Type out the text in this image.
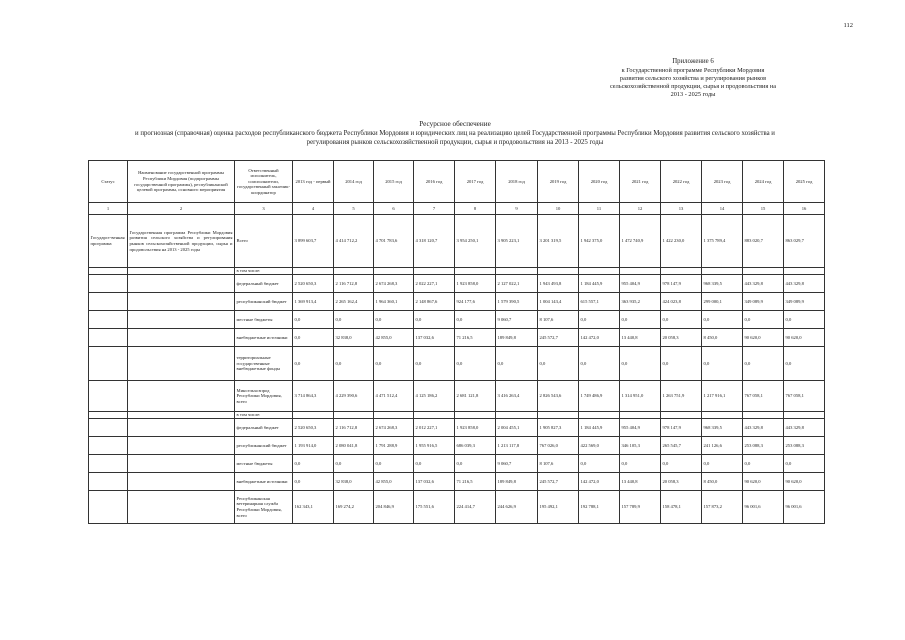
112
Приложение 6
к Государственной программе Республики Мордовия
развития сельского хозяйства и регулирования рынков
сельскохозяйственной продукции, сырья и продовольствия на
2013 - 2025 годы
Ресурсное обеспечение
и прогнозная (справочная) оценка расходов республиканского бюджета Республики Мордовия и юридических лиц на реализацию целей Государственной программы Республики Мордовия развития сельского хозяйства и
регулирования рынков сельскохозяйственной продукции, сырья и продовольствия на 2013 - 2025 годы
Статус	Наименование государственной программы Республики Мордовия (подпрограммы государственной программы), республиканской целевой программы, основного мероприятия	Ответственный исполнитель, соисполнители, государственный заказчик-координатор	2013 год - первый	2014 год	2015 год	2016 год	2017 год	2018 год	2019 год	2020 год	2021 год	2022 год	2023 год	2024 год	2025 год
1	2	3	4	5	6	7	8	9	10	11	12	13	14	15	16
Государст-венная программа	Государственная программа Республики Мордовия развития сельского хозяйства и регулирования рынков сельскохозяйственной продукции, сырья и продовольствия на 2013 - 2025 годы	Всего	3 899 603,7	4 414 712,2	4 701 783,6	4 318 120,7	3 954 250,1	3 905 223,1	3 201 319,5	1 942 375,0	1 472 740,9	1 422 230,0	1 375 789,4	883 020,7	863 029,7
		в том числе:													
		федеральный бюджет	2 520 650,3	2 116 712,8	2 674 268,3	2 022 227,1	1 923 858,0	2 127 022,1	1 943 493,8	1 184 445,9	955 404,9	978 147,9	968 339,5	443 329,8	443 329,8
		республиканский бюджет	1 369 913,4	2 265 162,4	1 964 360,1	2 148 867,6	924 177,6	1 579 390,5	1 004 143,4	615 557,1	363 935,2	424 023,8	299 000,1	349 089,9	349 089,9
		местные бюджеты	0,0	0,0	0,0	0,0	0,0	9 060,7	8 107,6	0,0	0,0	0,0	0,0	0,0	0,0
		внебюджетные источники	0,0	32 838,0	42 855,0	137 032,6	71 216,5	189 849,8	245 572,7	142 472,0	13 440,8	20 058,3	8 450,0	90 620,0	90 620,0
		территориальные государственные внебюджетные фонды	0,0	0,0	0,0	0,0	0,0	0,0	0,0	0,0	0,0	0,0	0,0	0,0	0,0
		Минсельхозпрод Республики Мордовия, всего	3 714 864,3	4 229 390,6	4 471 512,4	4 125 186,2	2 681 121,8	3 416 263,4	2 826 543,6	1 749 486,9	1 314 951,0	1 263 751,9	1 217 916,1	767 058,1	767 058,1
		в том числе:													
		федеральный бюджет	2 520 650,3	2 116 712,8	2 674 268,3	2 012 227,1	1 923 858,0	2 004 455,1	1 905 827,3	1 184 445,9	955 404,9	978 147,9	968 339,5	443 329,8	443 329,8
		республиканский бюджет	1 193 914,0	2 080 041,8	1 791 288,9	1 955 916,5	686 039,3	1 213 117,8	767 026,0	422 569,0	346 105,3	265 545,7	241 126,6	253 088,3	253 088,3
		местные бюджеты	0,0	0,0	0,0	0,0	0,0	9 060,7	8 107,6	0,0	0,0	0,0	0,0	0,0	0,0
		внебюджетные источники	0,0	32 838,0	42 855,0	137 032,6	71 216,5	189 849,8	245 572,7	142 472,0	13 440,8	20 058,3	8 450,0	90 620,0	90 620,0
		Республиканская ветеринарная служба Республики Мордовия, всего	162 343,1	169 274,2	204 846,9	175 551,6	224 414,7	244 626,9	195 492,1	192 788,1	157 789,9	158 478,1	157 873,2	96 001,6	96 001,6
